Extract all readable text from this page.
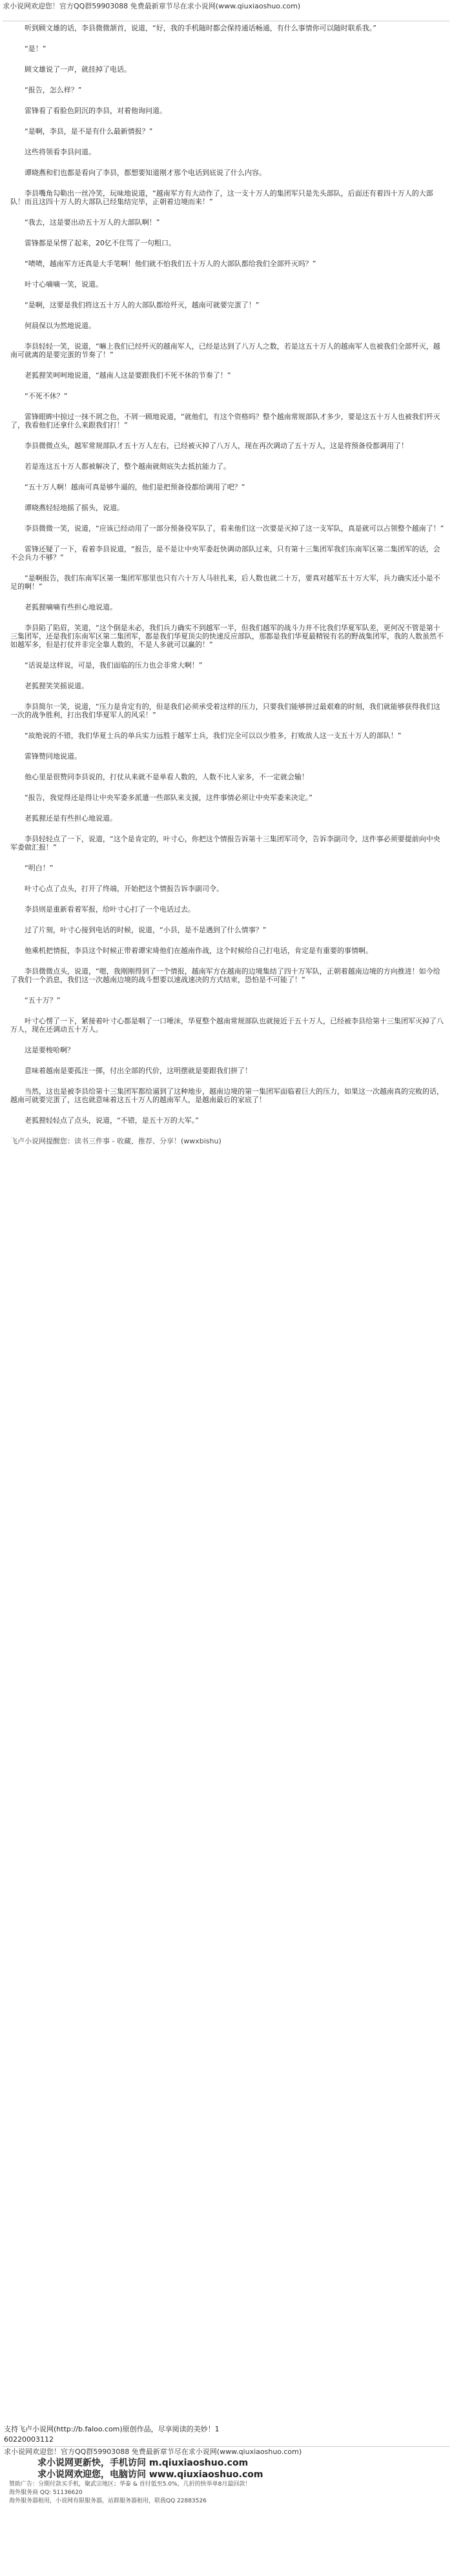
求小说网欢迎您！官方QQ群59903088 免费最新章节尽在求小说网(www.qiuxiaoshuo.com)

听到顾文雄的话，李县微微颔首，说道，“好，我的手机随时都会保持通话畅通，有什么事情你可以随时联系我。”

“是！”

顾文雄说了一声，就挂掉了电话。

“报告，怎么样？”

雷锋看了看脸色阴沉的李县，对着他询问道。

“是啊，李县，是不是有什么最新情报？”

这些将领看李县问道。

谭晓燕和们也都是看向了李县，都想要知道刚才那个电话到底说了什么内容。

李县嘴角勾勒出一丝冷笑，玩味地说道，“越南军方有大动作了，这一支十万人的集团军只是先头部队，后面还有着四十万人的大部队！而且这四十万人的大部队已经集结完毕，正朝着边境而来！”

“我去，这是要出动五十万人的大部队啊！”

雷锋都是呆愣了起来，20亿不住骂了一句粗口。

“啧啧，越南军方还真是大手笔啊！他们就不怕我们五十万人的大部队都给我们全部歼灭吗？”

叶寸心嘀嘀一笑，说道。

“是啊，这要是我们将这五十万人的大部队都给歼灭，越南可就要完蛋了！”

何晨保以为然地说道。

李县轻轻一笑，说道，“嘛上我们已经歼灭的越南军人，已经是达到了八万人之数，若是这五十万人的越南军人也被我们全部歼灭，越南可就离的是要完蛋的节奏了！”

老狐狸笑呵呵地说道，“越南人这是要跟我们不死不休的节奏了！”

“不死不休？”

雷锋眼眸中掠过一抹不屑之色，不屑一顾地说道，“就他们，有这个资格吗？整个越南常规部队才多少，要是这五十万人也被我们歼灭了，我看他们还拿什么来跟我们打！”

李县微微点头，越军常规部队才五十万人左右，已经被灭掉了八万人，现在再次调动了五十万人，这是将预备役都调用了！

若是连这五十万人都被解决了，整个越南就彻底失去抵抗能力了。

“五十万人啊！越南可真是够牛逼的，他们是把预备役都给调用了吧？”

谭晓燕轻轻地摇了摇头，说道。

李县微微一笑，说道，“应该已经动用了一部分预备役军队了，看来他们这一次要是灭掉了这一支军队，真是就可以占领整个越南了！”

雷锋还疑了一下，看着李县说道，“报告，是不是让中央军委赶快调动部队过来，只有第十三集团军我们东南军区第二集团军的话，会不会兵力不够？”

“是啊报告，我们东南军区第一集团军那里也只有六十万人马驻扎来，后人数也就二十万，要真对越军五十万大军，兵力确实还小是不足的啊！”

老狐狸嘀嘀有些担心地说道。

李县陷了陷眉，笑道，“这个倒是未必，我们兵力确实不到越军一半，但我们越军的战斗力并不比我们华夏军队差，更何况不管是第十三集团军，还是我们东南军区第二集团军，都是我们华夏顶尖的快速反应部队，那都是我们华夏最精锐有名的野战集团军，我的人数虽然不如越军多，但是打仗并非完全靠人数的，不是人多就可以赢的！”

“话说是这样说，可是，我们面临的压力也会非常大啊！”

老狐狸笑笑摇说道。

李县简尔一笑，说道，“压力是肯定有的，但是我们必须承受着这样的压力，只要我们能够拼过最艰难的时刻，我们就能够获得我们这一次的战争胜利，打出我们华夏军人的风采！”

“故绝说的不错，我们华夏士兵的单兵实力远胜于越军士兵，我们完全可以以少胜多，打败敌人这一支五十万人的部队！”

雷锋赞同地说道。

他心里是很赞同李县说的，打仗从来就不是单看人数的，人数不比人家多，不一定就会输！

“报告，我觉得还是得让中央军委多派遣一些部队来支援，这件事情必须让中央军委来决定。”

老狐狸还是有些担心地说道。

李县轻轻点了一下，说道，“这个是肯定的，叶寸心，你把这个情报告诉第十三集团军司令，告诉李副司令，这件事必须要提前向中央军委做汇报！”

“明白！”

叶寸心点了点头，打开了终端，开始把这个情报告诉李副司令。

李县则是重新看着军报，给叶寸心打了一个电话过去。

过了片刻，叶寸心接到电话的时候，说道，“小县，是不是遇到了什么情事？”

他乘机把情报，李县这个时候正带着谭宋琦他们在越南作战，这个时候给自己打电话，肯定是有重要的事情啊。

李县微微点头，说道，“嗯，我刚刚得到了一个情报，越南军方在越南的边境集结了四十万军队，正朝着越南边境的方向推进！如今给了我们一个消息，我们这一次越南边境的战斗想要以速战速决的方式结束，恐怕是不可能了！”

“五十万？”

叶寸心愣了一下，紧接着叶寸心都是咽了一口唾沫，华夏整个越南常规部队也就接近于五十万人，已经被李县给第十三集团军灭掉了八万人，现在还调动五十万人。

这是要梭哈啊？

意味着越南是要孤注一掷，付出全部的代价，这明摆就是要跟我们拼了！

当然，这也是被李县给第十三集团军都给逼到了这种地步，越南边境的第一集团军面临着巨大的压力，如果这一次越南真的完败的话，越南可就要完蛋了，这也就意味着这五十万人的越南军人，是越南最后的家底了！

老狐狸轻轻点了点头，说道，“不错，是五十万的大军。”

飞卢小说网提醒您：读书三件事 - 收藏、推荐、分享！(wwxbishu)

支持飞卢小说网(http://b.faloo.com)原创作品，尽享阅读的美妙！1
60220003112
求小说网欢迎您！官方QQ群59903088 免费最新章节尽在求小说网(www.qiuxiaoshuo.com)
求小说网更新快，手机访问 m.qiuxiaoshuo.com
求小说网欢迎您，电脑访问 www.qiuxiaoshuo.com
赞助广告：分期付款买手机，聚武宗地区；华泰 & 首付低至5.0%，几折的快举单8月最回款！
海外服务商 QQ: 51136620
海外服务器租用，小说网有限服务器，站群服务器租用，联我QQ 22883526
